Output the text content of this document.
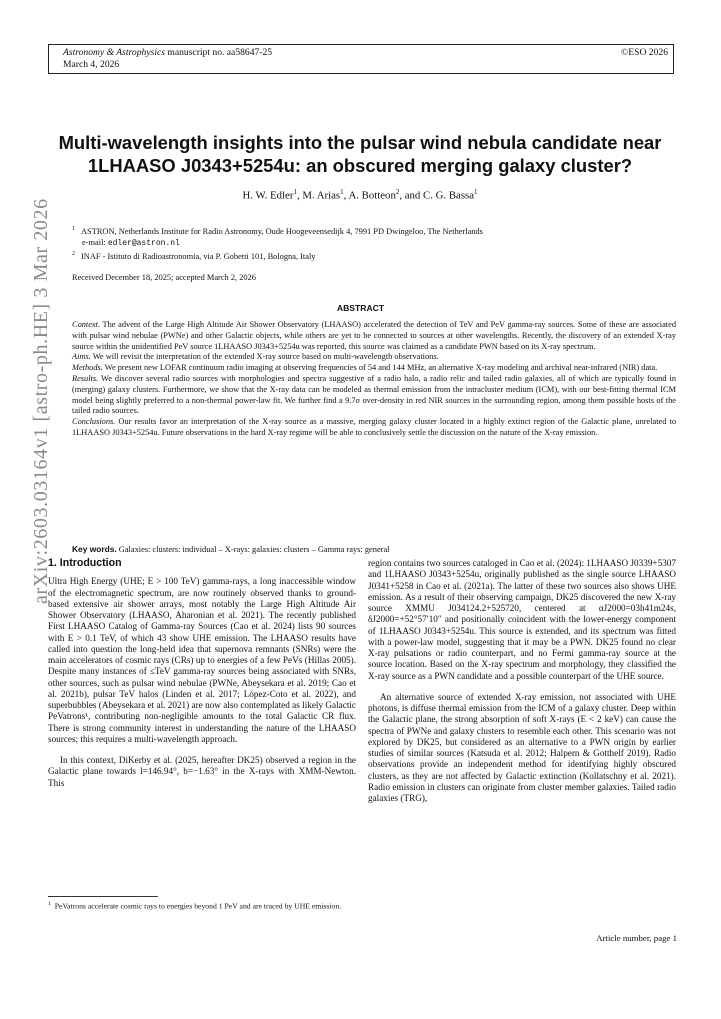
Astronomy & Astrophysics manuscript no. aa58647-25
March 4, 2026
©ESO 2026
arXiv:2603.03164v1 [astro-ph.HE] 3 Mar 2026
Multi-wavelength insights into the pulsar wind nebula candidate near 1LHAASO J0343+5254u: an obscured merging galaxy cluster?
H. W. Edler$^1$, M. Arias$^1$, A. Botteon$^2$, and C. G. Bassa$^1$
$^1$ ASTRON, Netherlands Institute for Radio Astronomy, Oude Hoogeveensedijk 4, 7991 PD Dwingeloo, The Netherlands
e-mail: edler@astron.nl
$^2$ INAF - Istituto di Radioastronomia, via P. Gobetti 101, Bologna, Italy
Received December 18, 2025; accepted March 2, 2026
ABSTRACT

Context. The advent of the Large High Altitude Air Shower Observatory (LHAASO) accelerated the detection of TeV and PeV gamma-ray sources. Some of these are associated with pulsar wind nebulae (PWNe) and other Galactic objects, while others are yet to be connected to sources at other wavelengths. Recently, the discovery of an extended X-ray source within the unidentified PeV source 1LHAASO J0343+5254u was reported, this source was claimed as a candidate PWN based on its X-ray spectrum.

Aims. We will revisit the interpretation of the extended X-ray source based on multi-wavelength observations.

Methods. We present new LOFAR continuum radio imaging at observing frequencies of 54 and 144 MHz, an alternative X-ray modeling and archival near-infrared (NIR) data.

Results. We discover several radio sources with morphologies and spectra suggestive of a radio halo, a radio relic and tailed radio galaxies, all of which are typically found in (merging) galaxy clusters. Furthermore, we show that the X-ray data can be modeled as thermal emission from the intracluster medium (ICM), with our best-fitting thermal ICM model being slightly preferred to a non-thermal power-law fit. We further find a 9.7σ over-density in red NIR sources in the surrounding region, among them possible hosts of the tailed radio sources.

Conclusions. Our results favor an interpretation of the X-ray source as a massive, merging galaxy cluster located in a highly extinct region of the Galactic plane, unrelated to 1LHAASO J0343+5254u. Future observations in the hard X-ray regime will be able to conclusively settle the discussion on the nature of the X-ray emission.

Key words. Galaxies: clusters: individual – X-rays: galaxies: clusters – Gamma rays: general
1. Introduction

Ultra High Energy (UHE; E > 100 TeV) gamma-rays, a long inaccessible window of the electromagnetic spectrum, are now routinely observed thanks to ground-based extensive air shower arrays, most notably the Large High Altitude Air Shower Observatory (LHAASO, Aharonian et al. 2021). The recently published First LHAASO Catalog of Gamma-ray Sources (Cao et al. 2024) lists 90 sources with E > 0.1 TeV, of which 43 show UHE emission. The LHAASO results have called into question the long-held idea that supernova remnants (SNRs) were the main accelerators of cosmic rays (CRs) up to energies of a few PeVs (Hillas 2005). Despite many instances of ≤TeV gamma-ray sources being associated with SNRs, other sources, such as pulsar wind nebulae (PWNe, Abeysekara et al. 2019; Cao et al. 2021b), pulsar TeV halos (Linden et al. 2017; López-Coto et al. 2022), and superbubbles (Abeysekara et al. 2021) are now also contemplated as likely Galactic PeVatrons¹, contributing non-negligible amounts to the total Galactic CR flux. There is strong community interest in understanding the nature of the LHAASO sources; this requires a multi-wavelength approach.

In this context, DiKerby et al. (2025, hereafter DK25) observed a region in the Galactic plane towards l=146.94°, b=−1.63° in the X-rays with XMM-Newton. This

region contains two sources cataloged in Cao et al. (2024): 1LHAASO J0339+5307 and 1LHAASO J0343+5254u, originally published as the single source LHAASO J0341+5258 in Cao et al. (2021a). The latter of these two sources also shows UHE emission. As a result of their observing campaign, DK25 discovered the new X-ray source XMMU J034124.2+525720, centered at αJ2000=03h41m24s, δJ2000=+52°57′10″ and positionally coincident with the lower-energy component of 1LHAASO J0343+5254u. This source is extended, and its spectrum was fitted with a power-law model, suggesting that it may be a PWN. DK25 found no clear X-ray pulsations or radio counterpart, and no Fermi gamma-ray source at the source location. Based on the X-ray spectrum and morphology, they classified the X-ray source as a PWN candidate and a possible counterpart of the UHE source.

An alternative source of extended X-ray emission, not associated with UHE photons, is diffuse thermal emission from the ICM of a galaxy cluster. Deep within the Galactic plane, the strong absorption of soft X-rays (E < 2 keV) can cause the spectra of PWNe and galaxy clusters to resemble each other. This scenario was not explored by DK25, but considered as an alternative to a PWN origin by earlier studies of similar sources (Katsuda et al. 2012; Halpern & Gotthelf 2019). Radio observations provide an independent method for identifying highly obscured clusters, as they are not affected by Galactic extinction (Kollatschny et al. 2021). Radio emission in clusters can originate from cluster member galaxies. Tailed radio galaxies (TRG),

$^1$ PeVatrons accelerate cosmic rays to energies beyond 1 PeV and are traced by UHE emission.
Article number, page 1
